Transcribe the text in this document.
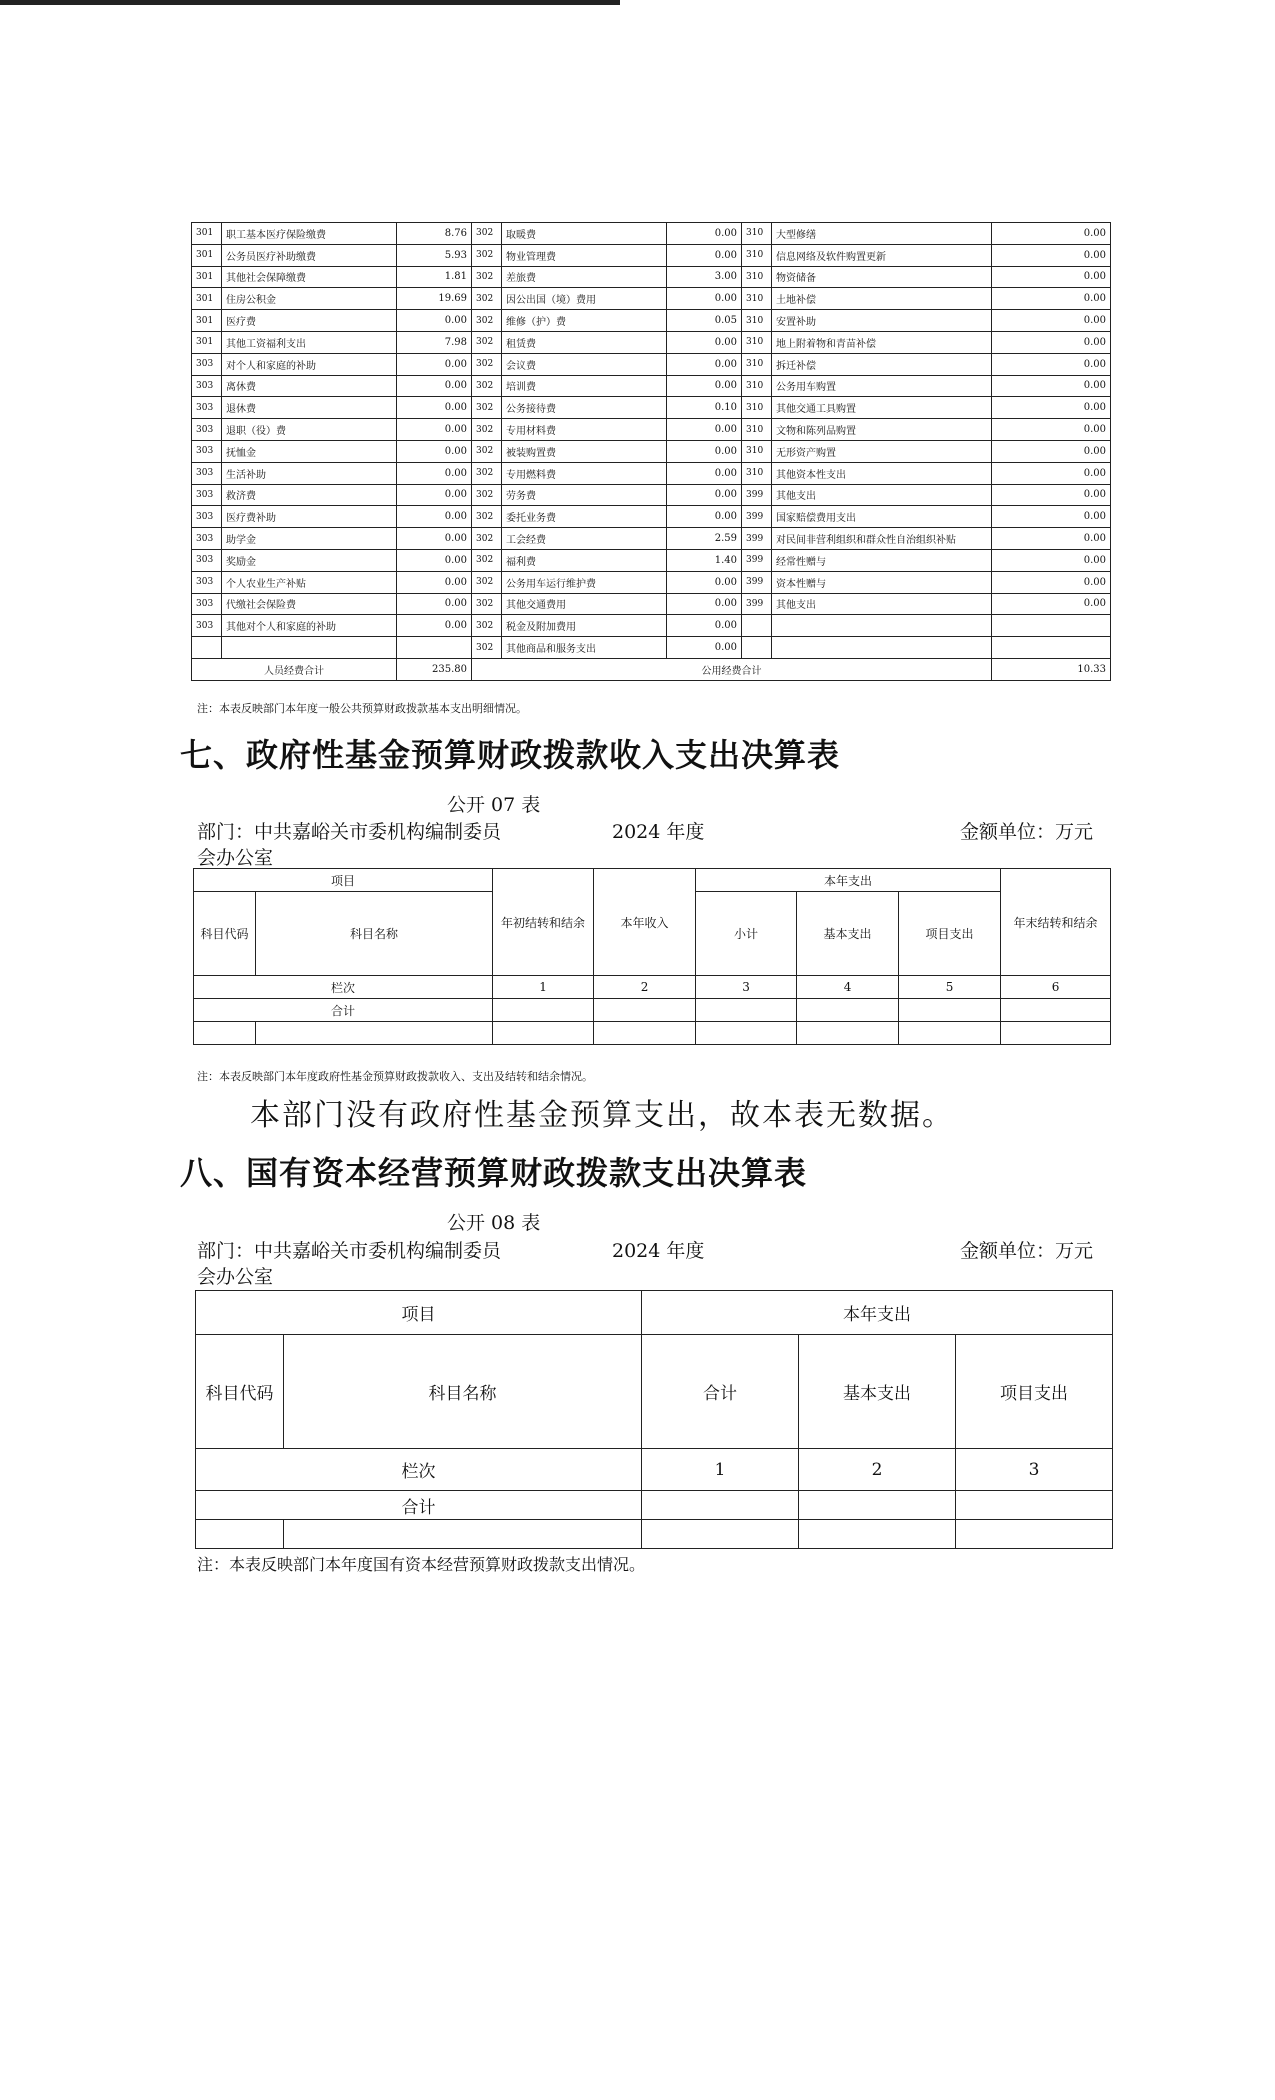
301	职工基本医疗保险缴费	8.76	302	取暖费	0.00	310	大型修缮	0.00
301	公务员医疗补助缴费	5.93	302	物业管理费	0.00	310	信息网络及软件购置更新	0.00
301	其他社会保障缴费	1.81	302	差旅费	3.00	310	物资储备	0.00
301	住房公积金	19.69	302	因公出国（境）费用	0.00	310	土地补偿	0.00
301	医疗费	0.00	302	维修（护）费	0.05	310	安置补助	0.00
301	其他工资福利支出	7.98	302	租赁费	0.00	310	地上附着物和青苗补偿	0.00
303	对个人和家庭的补助	0.00	302	会议费	0.00	310	拆迁补偿	0.00
303	离休费	0.00	302	培训费	0.00	310	公务用车购置	0.00
303	退休费	0.00	302	公务接待费	0.10	310	其他交通工具购置	0.00
303	退职（役）费	0.00	302	专用材料费	0.00	310	文物和陈列品购置	0.00
303	抚恤金	0.00	302	被装购置费	0.00	310	无形资产购置	0.00
303	生活补助	0.00	302	专用燃料费	0.00	310	其他资本性支出	0.00
303	救济费	0.00	302	劳务费	0.00	399	其他支出	0.00
303	医疗费补助	0.00	302	委托业务费	0.00	399	国家赔偿费用支出	0.00
303	助学金	0.00	302	工会经费	2.59	399	对民间非营利组织和群众性自治组织补贴	0.00
303	奖励金	0.00	302	福利费	1.40	399	经常性赠与	0.00
303	个人农业生产补贴	0.00	302	公务用车运行维护费	0.00	399	资本性赠与	0.00
303	代缴社会保险费	0.00	302	其他交通费用	0.00	399	其他支出	0.00
303	其他对个人和家庭的补助	0.00	302	税金及附加费用	0.00			
			302	其他商品和服务支出	0.00			
人员经费合计		235.80	公用经费合计					10.33
注：本表反映部门本年度一般公共预算财政拨款基本支出明细情况。
七、政府性基金预算财政拨款收入支出决算表
公开 07 表
部门：中共嘉峪关市委机构编制委员	2024 年度	金额单位：万元
会办公室
项目		年初结转和结余	本年收入	本年支出			年末结转和结余
科目代码	科目名称			小计	基本支出	项目支出	
栏次		1	2	3	4	5	6
合计							

注：本表反映部门本年度政府性基金预算财政拨款收入、支出及结转和结余情况。
本部门没有政府性基金预算支出，故本表无数据。
八、国有资本经营预算财政拨款支出决算表
公开 08 表
部门：中共嘉峪关市委机构编制委员	2024 年度	金额单位：万元
会办公室
项目		本年支出		
科目代码	科目名称	合计	基本支出	项目支出
栏次		1	2	3
合计				

注：本表反映部门本年度国有资本经营预算财政拨款支出情况。
